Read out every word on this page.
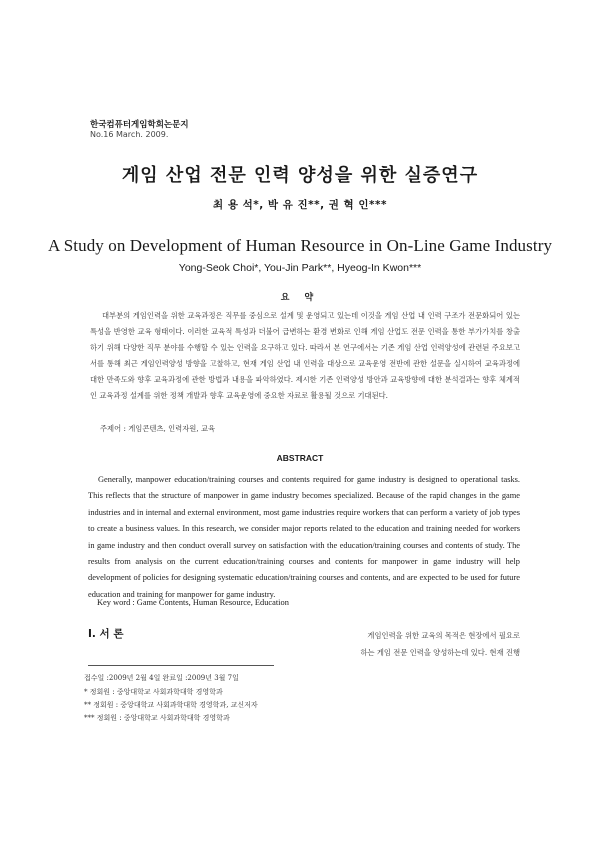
한국컴퓨터게임학회논문지
No.16 March. 2009.
게임 산업 전문 인력 양성을 위한 실증연구
최 용 석*, 박 유 진**, 권 혁 인***
A Study on Development of Human Resource in On-Line Game Industry
Yong-Seok Choi*, You-Jin Park**, Hyeog-In Kwon***
요 약
대부분의 게임인력을 위한 교육과정은 직무를 중심으로 설계 및 운영되고 있는데 이것을 게임 산업 내 인력 구조가 전문화되어 있는 특성을 반영한 교육 형태이다. 이러한 교육적 특성과 더불어 급변하는 환경 변화로 인해 게임 산업도 전문 인력을 통한 부가가치를 창출하기 위해 다양한 직무 분야를 수행할 수 있는 인력을 요구하고 있다. 따라서 본 연구에서는 기존 게임 산업 인력양성에 관련된 주요보고서를 통해 최근 게임인력양성 방향을 고찰하고, 현재 게임 산업 내 인력을 대상으로 교육운영 전반에 관한 설문을 실시하여 교육과정에 대한 만족도와 향후 교육과정에 관한 방법과 내용을 파악하였다. 제시한 기존 인력양성 방안과 교육방향에 대한 분석결과는 향후 체계적인 교육과정 설계를 위한 정책 개발과 향후 교육운영에 중요한 자료로 활용될 것으로 기대된다.
주제어 : 게임콘텐츠, 인력자원, 교육
ABSTRACT
Generally, manpower education/training courses and contents required for game industry is designed to operational tasks. This reflects that the structure of manpower in game industry becomes specialized. Because of the rapid changes in the game industries and in internal and external environment, most game industries require workers that can perform a variety of job types to create a business values. In this research, we consider major reports related to the education and training needed for workers in game industry and then conduct overall survey on satisfaction with the education/training courses and contents of study. The results from analysis on the current education/training courses and contents for manpower in game industry will help development of policies for designing systematic education/training courses and contents, and are expected to be used for future education and training for manpower for game industry.
Key word : Game Contents, Human Resource, Education
Ⅰ. 서 론	게임인력을 위한 교육의 목적은 현장에서 필요로
하는 게임 전문 인력을 양성하는데 있다. 현재 진행
접수일 :2009년 2월 4일 완료일 :2009년 3월 7일
* 정회원 : 중앙대학교 사회과학대학 경영학과
** 정회원 : 중앙대학교 사회과학대학 경영학과, 교신저자
*** 정회원 : 중앙대학교 사회과학대학 경영학과
